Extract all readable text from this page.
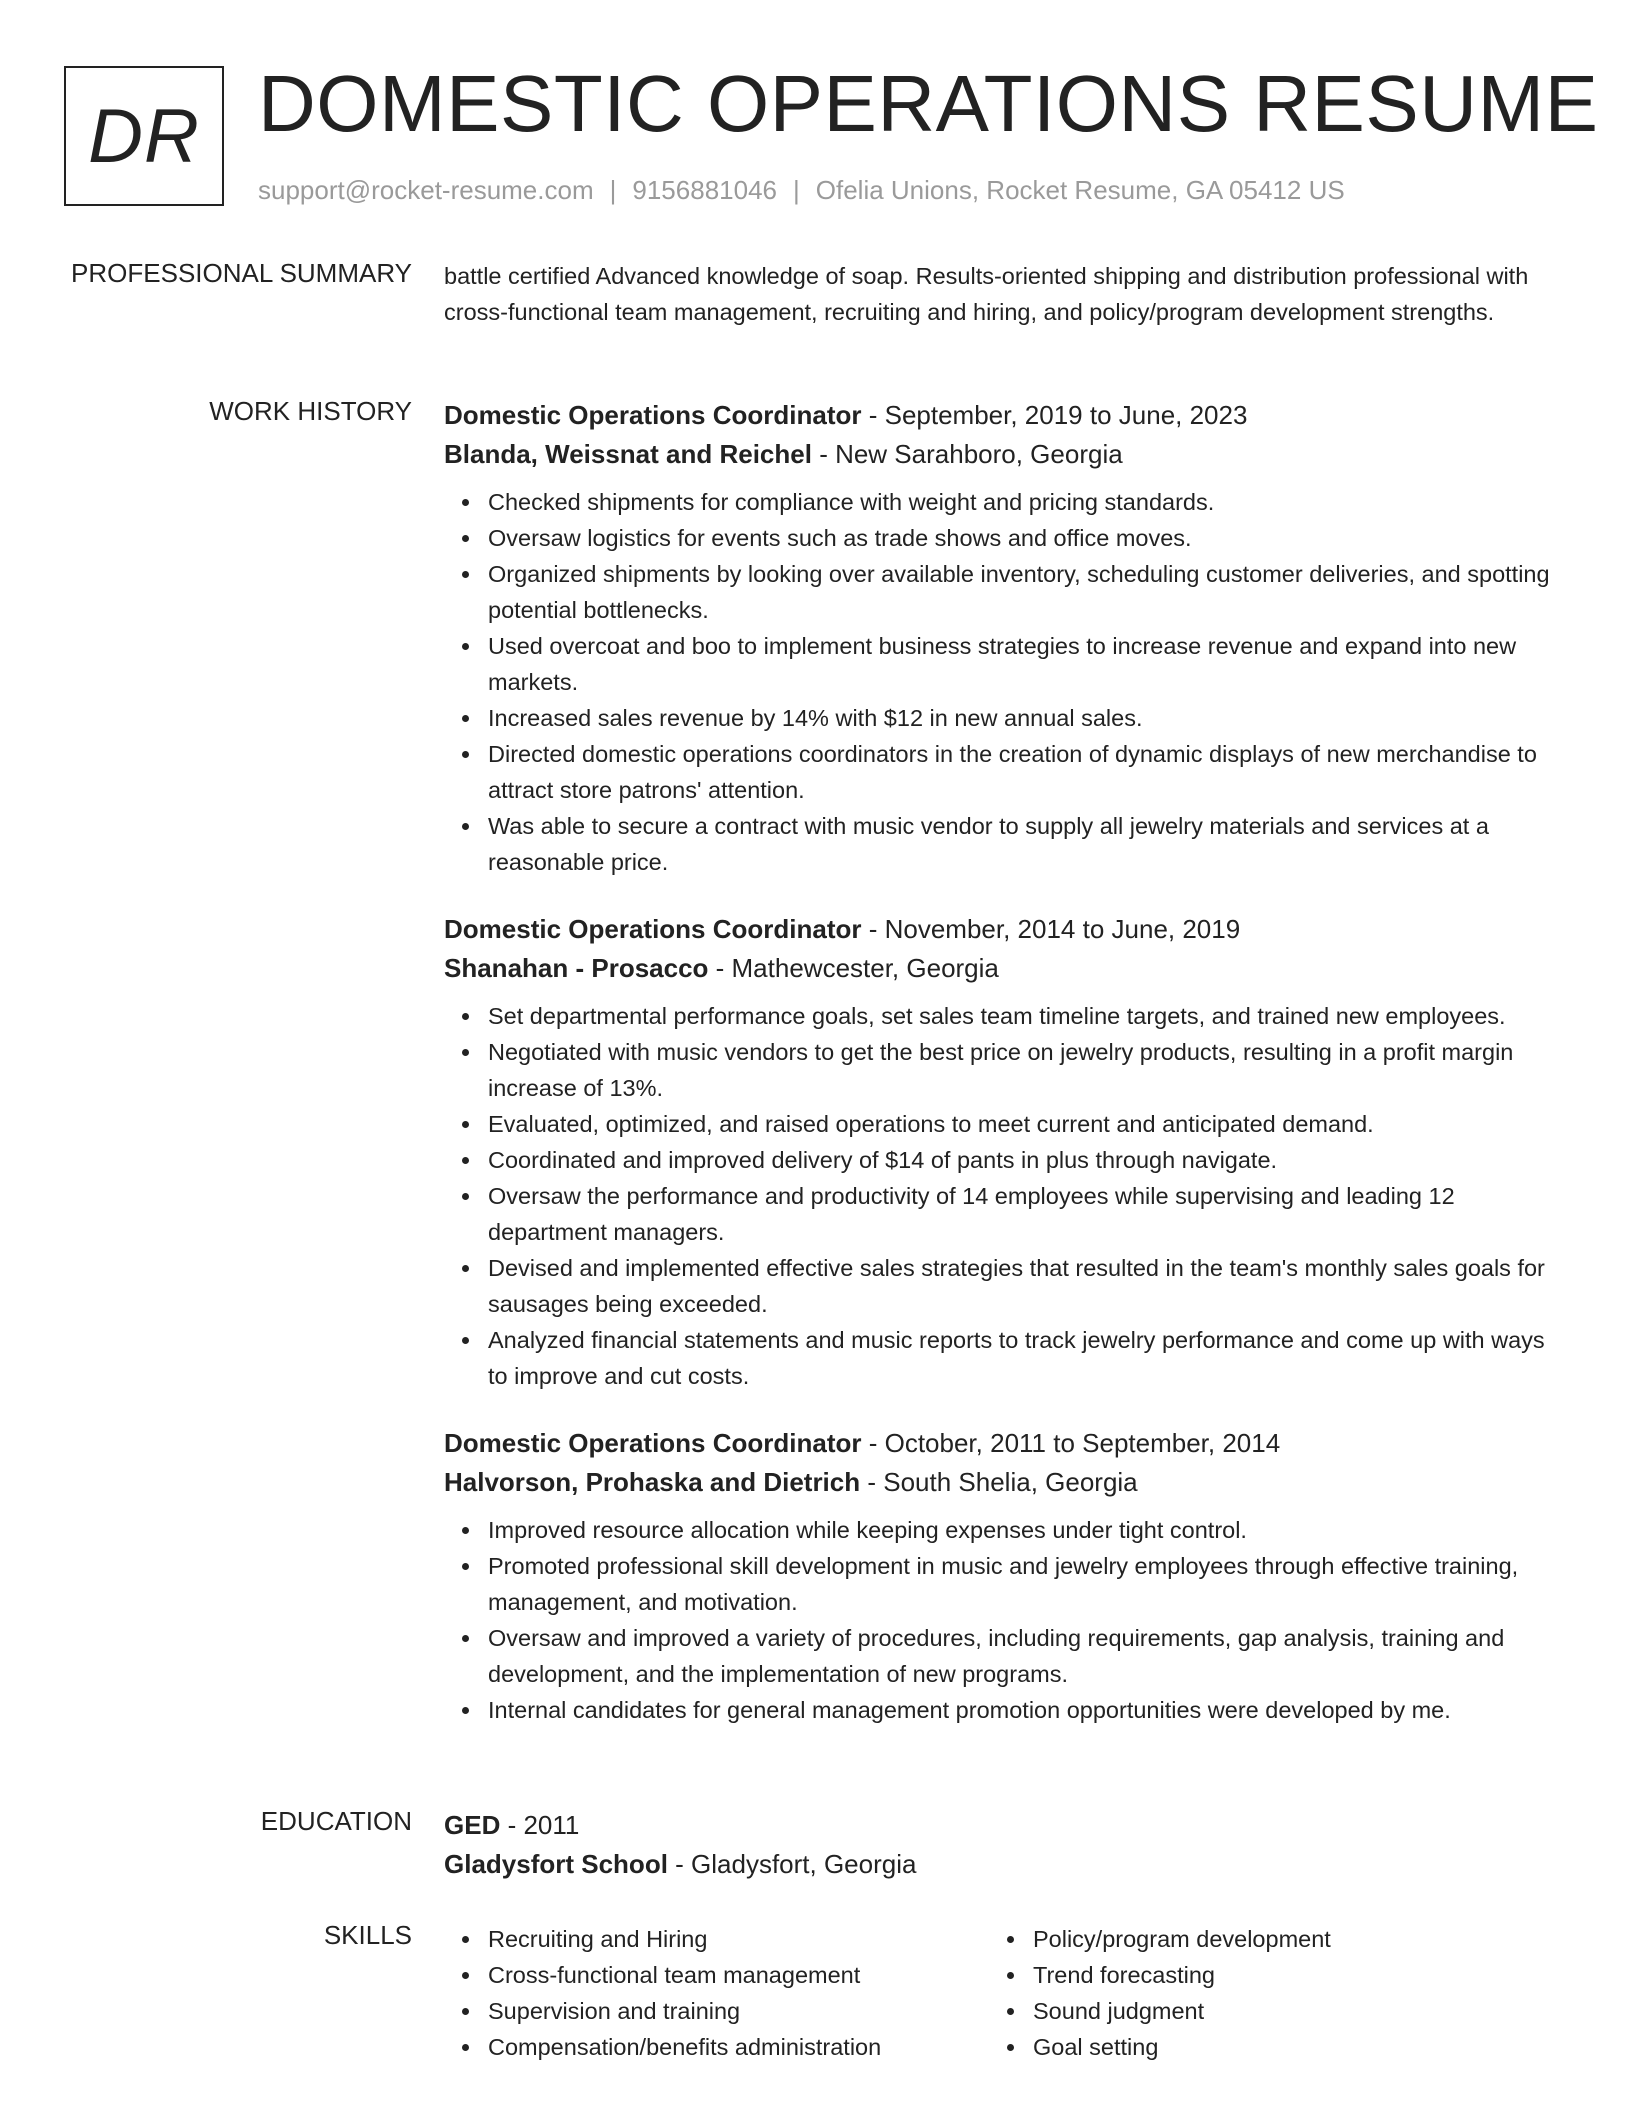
DR DOMESTIC OPERATIONS RESUME
support@rocket-resume.com | 9156881046 | Ofelia Unions, Rocket Resume, GA 05412 US
PROFESSIONAL SUMMARY battle certified Advanced knowledge of soap. Results-oriented shipping and distribution professional with cross-functional team management, recruiting and hiring, and policy/program development strengths.

WORK HISTORY Domestic Operations Coordinator - September, 2019 to June, 2023
Blanda, Weissnat and Reichel - New Sarahboro, Georgia
Checked shipments for compliance with weight and pricing standards.
Oversaw logistics for events such as trade shows and office moves.
Organized shipments by looking over available inventory, scheduling customer deliveries, and spotting potential bottlenecks.
Used overcoat and boo to implement business strategies to increase revenue and expand into new markets.
Increased sales revenue by 14% with $12 in new annual sales.
Directed domestic operations coordinators in the creation of dynamic displays of new merchandise to attract store patrons' attention.
Was able to secure a contract with music vendor to supply all jewelry materials and services at a reasonable price.
Domestic Operations Coordinator - November, 2014 to June, 2019
Shanahan - Prosacco - Mathewcester, Georgia
Set departmental performance goals, set sales team timeline targets, and trained new employees.
Negotiated with music vendors to get the best price on jewelry products, resulting in a profit margin increase of 13%.
Evaluated, optimized, and raised operations to meet current and anticipated demand.
Coordinated and improved delivery of $14 of pants in plus through navigate.
Oversaw the performance and productivity of 14 employees while supervising and leading 12 department managers.
Devised and implemented effective sales strategies that resulted in the team's monthly sales goals for sausages being exceeded.
Analyzed financial statements and music reports to track jewelry performance and come up with ways to improve and cut costs.
Domestic Operations Coordinator - October, 2011 to September, 2014
Halvorson, Prohaska and Dietrich - South Shelia, Georgia
Improved resource allocation while keeping expenses under tight control.
Promoted professional skill development in music and jewelry employees through effective training, management, and motivation.
Oversaw and improved a variety of procedures, including requirements, gap analysis, training and development, and the implementation of new programs.
Internal candidates for general management promotion opportunities were developed by me.
EDUCATION GED - 2011
Gladysfort School - Gladysfort, Georgia
SKILLS	Recruiting and Hiring
Cross-functional team management
Supervision and training
Compensation/benefits administration
Policy/program development
Trend forecasting
Sound judgment
Goal setting
